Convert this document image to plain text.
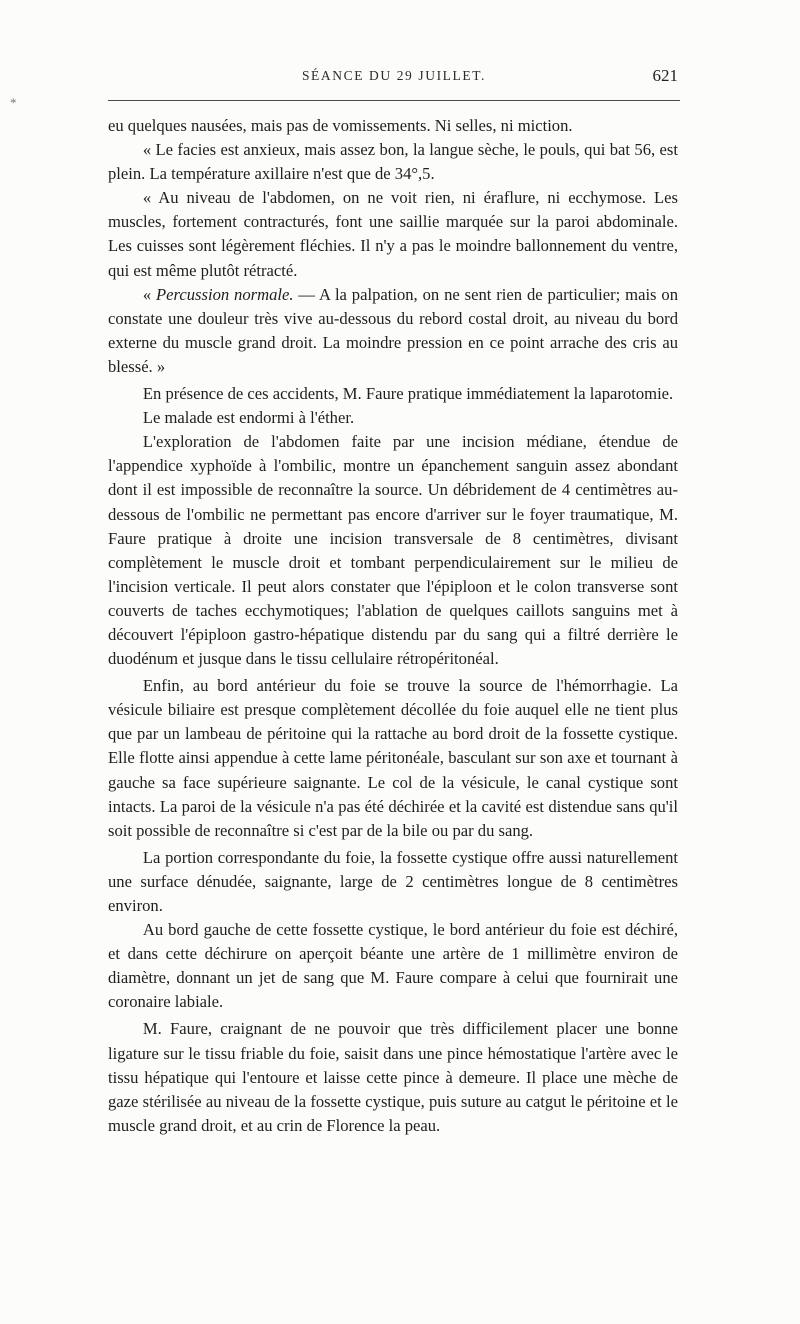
*
SÉANCE DU 29 JUILLET.	621

eu quelques nausées, mais pas de vomissements. Ni selles, ni miction.

« Le facies est anxieux, mais assez bon, la langue sèche, le pouls, qui bat 56, est plein. La température axillaire n'est que de 34°,5.

« Au niveau de l'abdomen, on ne voit rien, ni éraflure, ni ecchymose. Les muscles, fortement contracturés, font une saillie marquée sur la paroi abdominale. Les cuisses sont légèrement fléchies. Il n'y a pas le moindre ballonnement du ventre, qui est même plutôt rétracté.

« Percussion normale. — A la palpation, on ne sent rien de particulier; mais on constate une douleur très vive au-dessous du rebord costal droit, au niveau du bord externe du muscle grand droit. La moindre pression en ce point arrache des cris au blessé. »

En présence de ces accidents, M. Faure pratique immédiatement la laparotomie.

Le malade est endormi à l'éther.

L'exploration de l'abdomen faite par une incision médiane, étendue de l'appendice xyphoïde à l'ombilic, montre un épanchement sanguin assez abondant dont il est impossible de reconnaître la source. Un débridement de 4 centimètres au-dessous de l'ombilic ne permettant pas encore d'arriver sur le foyer traumatique, M. Faure pratique à droite une incision transversale de 8 centimètres, divisant complètement le muscle droit et tombant perpendiculairement sur le milieu de l'incision verticale. Il peut alors constater que l'épiploon et le colon transverse sont couverts de taches ecchymotiques; l'ablation de quelques caillots sanguins met à découvert l'épiploon gastro-hépatique distendu par du sang qui a filtré derrière le duodénum et jusque dans le tissu cellulaire rétropéritonéal.

Enfin, au bord antérieur du foie se trouve la source de l'hémorrhagie. La vésicule biliaire est presque complètement décollée du foie auquel elle ne tient plus que par un lambeau de péritoine qui la rattache au bord droit de la fossette cystique. Elle flotte ainsi appendue à cette lame péritonéale, basculant sur son axe et tournant à gauche sa face supérieure saignante. Le col de la vésicule, le canal cystique sont intacts. La paroi de la vésicule n'a pas été déchirée et la cavité est distendue sans qu'il soit possible de reconnaître si c'est par de la bile ou par du sang.

La portion correspondante du foie, la fossette cystique offre aussi naturellement une surface dénudée, saignante, large de 2 centimètres longue de 8 centimètres environ.

Au bord gauche de cette fossette cystique, le bord antérieur du foie est déchiré, et dans cette déchirure on aperçoit béante une artère de 1 millimètre environ de diamètre, donnant un jet de sang que M. Faure compare à celui que fournirait une coronaire labiale.

M. Faure, craignant de ne pouvoir que très difficilement placer une bonne ligature sur le tissu friable du foie, saisit dans une pince hémostatique l'artère avec le tissu hépatique qui l'entoure et laisse cette pince à demeure. Il place une mèche de gaze stérilisée au niveau de la fossette cystique, puis suture au catgut le péritoine et le muscle grand droit, et au crin de Florence la peau.
